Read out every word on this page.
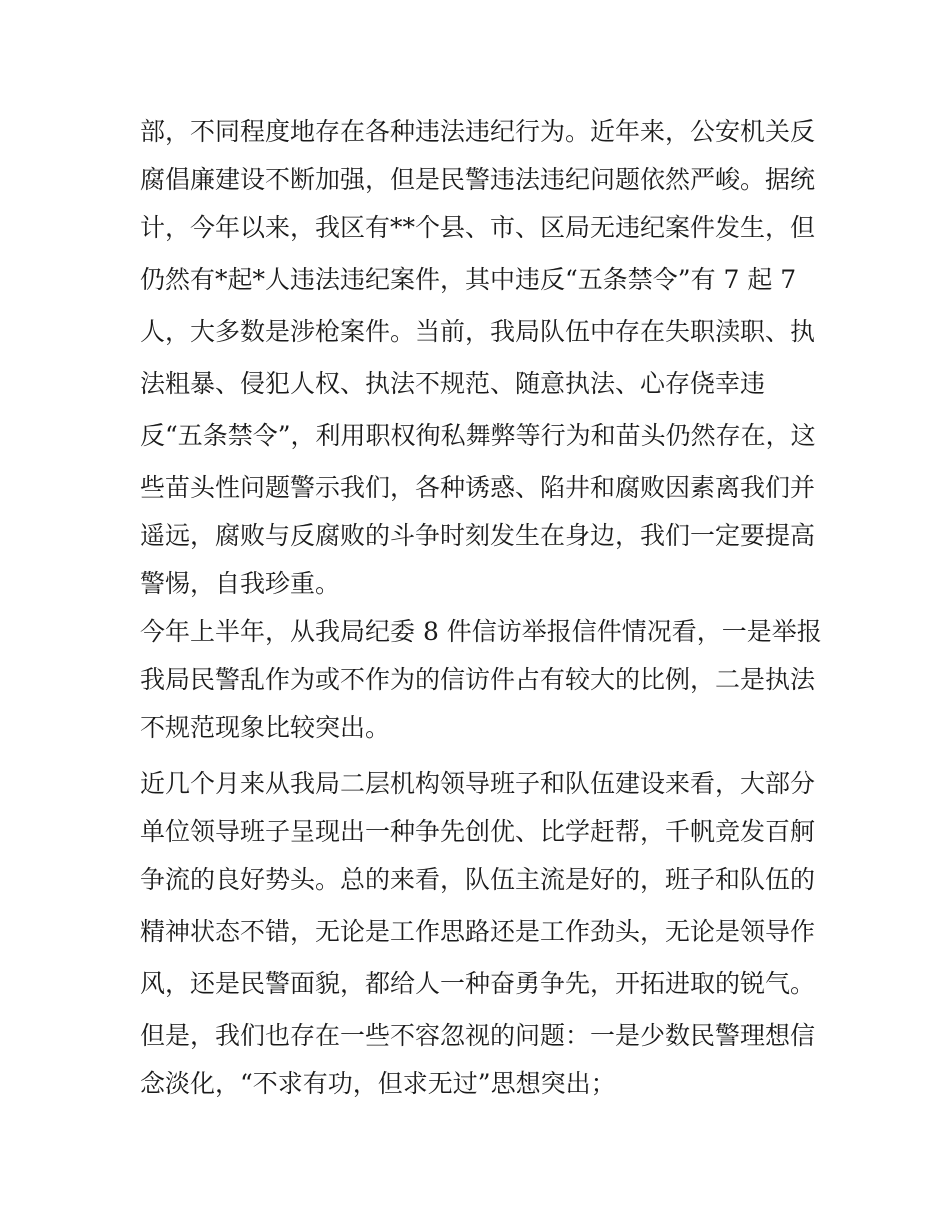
部，不同程度地存在各种违法违纪行为。近年来，公安机关反
腐倡廉建设不断加强，但是民警违法违纪问题依然严峻。据统
计，今年以来，我区有**个县、市、区局无违纪案件发生，但
仍然有*起*人违法违纪案件，其中违反“五条禁令”有 7 起 7
人，大多数是涉枪案件。当前，我局队伍中存在失职渎职、执
法粗暴、侵犯人权、执法不规范、随意执法、心存侥幸违
反“五条禁令”，利用职权徇私舞弊等行为和苗头仍然存在，这
些苗头性问题警示我们，各种诱惑、陷井和腐败因素离我们并
遥远，腐败与反腐败的斗争时刻发生在身边，我们一定要提高
警惕，自我珍重。
今年上半年，从我局纪委 8 件信访举报信件情况看，一是举报
我局民警乱作为或不作为的信访件占有较大的比例，二是执法
不规范现象比较突出。
近几个月来从我局二层机构领导班子和队伍建设来看，大部分
单位领导班子呈现出一种争先创优、比学赶帮，千帆竞发百舸
争流的良好势头。总的来看，队伍主流是好的，班子和队伍的
精神状态不错，无论是工作思路还是工作劲头，无论是领导作
风，还是民警面貌，都给人一种奋勇争先，开拓进取的锐气。
但是，我们也存在一些不容忽视的问题：一是少数民警理想信
念淡化，“不求有功，但求无过”思想突出；
